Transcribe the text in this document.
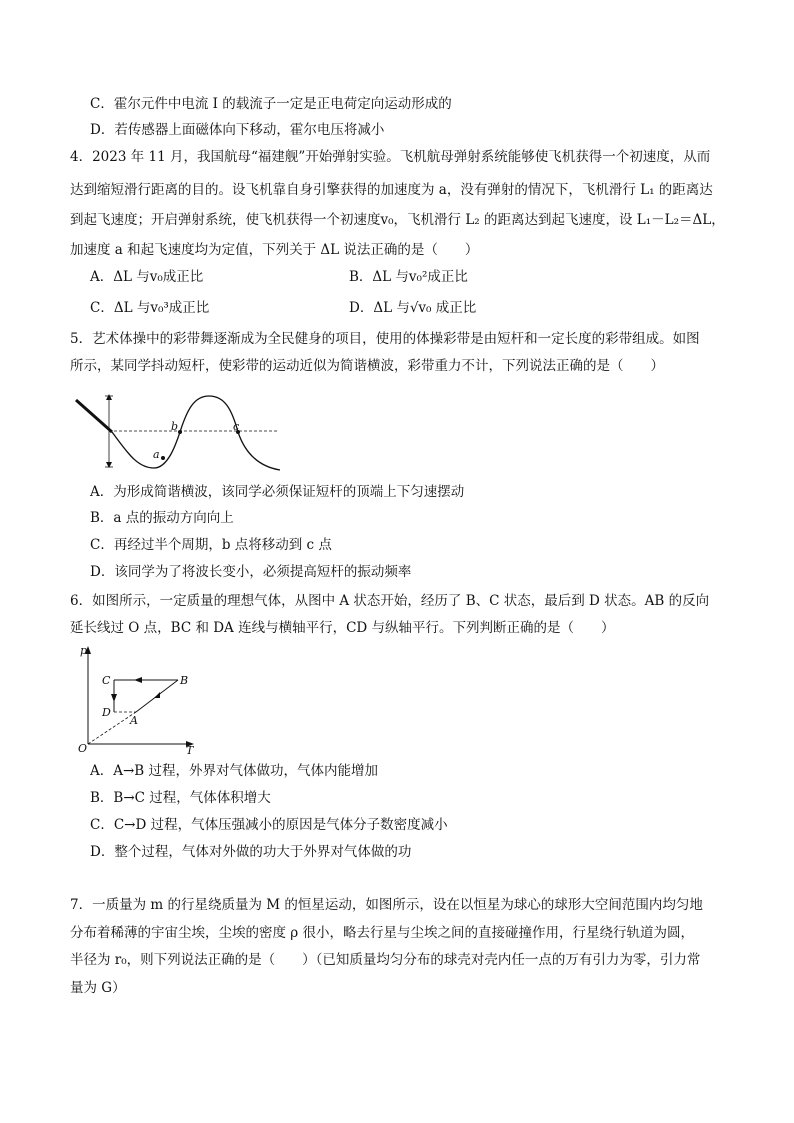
C．霍尔元件中电流 I 的载流子一定是正电荷定向运动形成的
D．若传感器上面磁体向下移动，霍尔电压将减小
4．2023 年 11 月，我国航母“福建舰”开始弹射实验。飞机航母弹射系统能够使飞机获得一个初速度，从而
达到缩短滑行距离的目的。设飞机靠自身引擎获得的加速度为 a，没有弹射的情况下，飞机滑行 L₁ 的距离达
到起飞速度；开启弹射系统，使飞机获得一个初速度v₀，飞机滑行 L₂ 的距离达到起飞速度，设 L₁－L₂＝ΔL，
加速度 a 和起飞速度均为定值，下列关于 ΔL 说法正确的是（　　）
A．ΔL 与v₀成正比	B．ΔL 与v₀²成正比
C．ΔL 与v₀³成正比	D．ΔL 与√v₀ 成正比
5．艺术体操中的彩带舞逐渐成为全民健身的项目，使用的体操彩带是由短杆和一定长度的彩带组成。如图
所示，某同学抖动短杆，使彩带的运动近似为简谐横波，彩带重力不计，下列说法正确的是（　　）
a
b	c
A．为形成简谐横波，该同学必须保证短杆的顶端上下匀速摆动
B．a 点的振动方向向上
C．再经过半个周期，b 点将移动到 c 点
D．该同学为了将波长变小，必须提高短杆的振动频率
6．如图所示，一定质量的理想气体，从图中 A 状态开始，经历了 B、C 状态，最后到 D 状态。AB 的反向
延长线过 O 点，BC 和 DA 连线与横轴平行，CD 与纵轴平行。下列判断正确的是（　　）
p
T
O
A
B
C
D
A．A→B 过程，外界对气体做功，气体内能增加
B．B→C 过程，气体体积增大
C．C→D 过程，气体压强减小的原因是气体分子数密度减小
D．整个过程，气体对外做的功大于外界对气体做的功
7．一质量为 m 的行星绕质量为 M 的恒星运动，如图所示，设在以恒星为球心的球形大空间范围内均匀地
分布着稀薄的宇宙尘埃，尘埃的密度 ρ 很小，略去行星与尘埃之间的直接碰撞作用，行星绕行轨道为圆，
半径为 r₀，则下列说法正确的是（　　）（已知质量均匀分布的球壳对壳内任一点的万有引力为零，引力常
量为 G）
